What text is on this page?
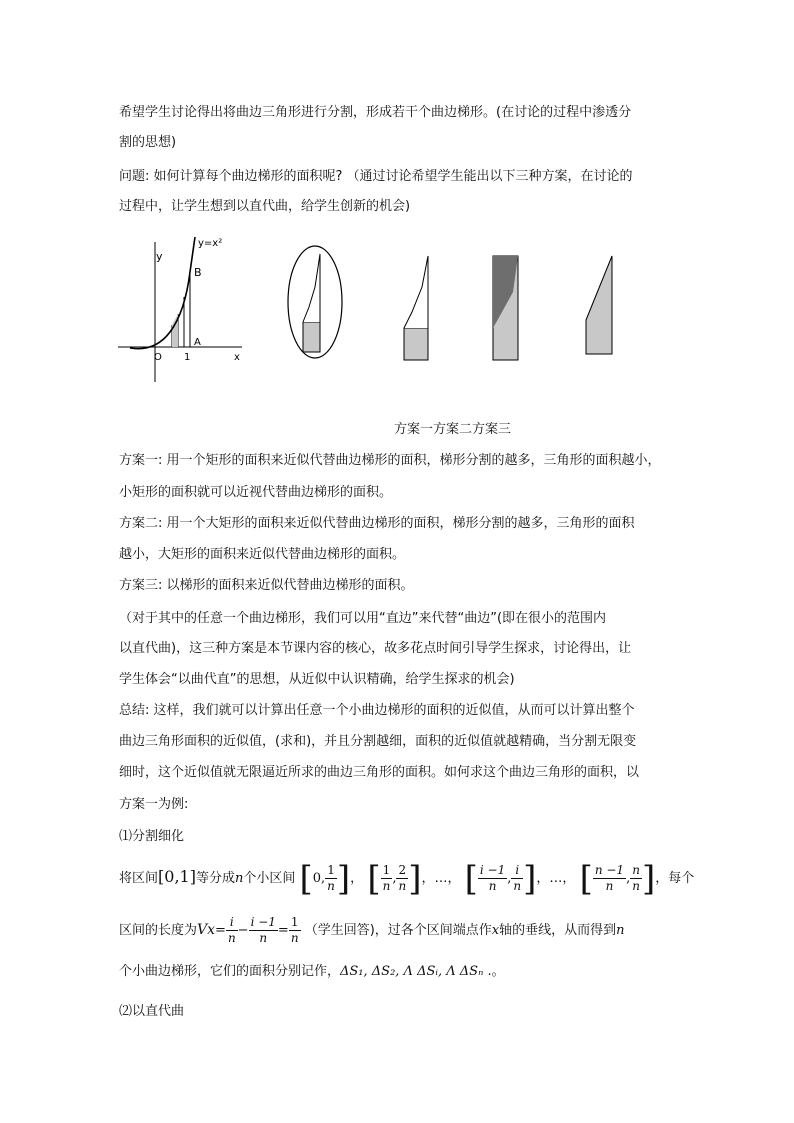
希望学生讨论得出将曲边三角形进行分割，形成若干个曲边梯形。(在讨论的过程中渗透分
割的思想)
问题: 如何计算每个曲边梯形的面积呢? （通过讨论希望学生能出以下三种方案，在讨论的
过程中，让学生想到以直代曲，给学生创新的机会)
y
y=x²
B
A
O 1	x
方案一方案二方案三
方案一: 用一个矩形的面积来近似代替曲边梯形的面积，梯形分割的越多，三角形的面积越小，
小矩形的面积就可以近视代替曲边梯形的面积。
方案二: 用一个大矩形的面积来近似代替曲边梯形的面积，梯形分割的越多，三角形的面积
越小，大矩形的面积来近似代替曲边梯形的面积。
方案三: 以梯形的面积来近似代替曲边梯形的面积。
（对于其中的任意一个曲边梯形，我们可以用“直边”来代替“曲边”(即在很小的范围内
以直代曲)，这三种方案是本节课内容的核心，故多花点时间引导学生探求，讨论得出，让
学生体会“以曲代直”的思想，从近似中认识精确，给学生探求的机会)
总结: 这样，我们就可以计算出任意一个小曲边梯形的面积的近似值，从而可以计算出整个
曲边三角形面积的近似值，(求和)，并且分割越细，面积的近似值就越精确，当分割无限变
细时，这个近似值就无限逼近所求的曲边三角形的面积。如何求这个曲边三角形的面积，以
方案一为例:
⑴分割细化
将区间[0,1]等分成n个小区间 [0, $\frac{1}{n}$ ]， [ $\frac{1}{n}$ , $\frac{2}{n}$ ]，…， [ $\frac{i -1}{n}$ , $\frac{i}{n}$ ]，…， [ $\frac{n -1}{n}$ , $\frac{n}{n}$ ]，每个
区间的长度为$Vx= \frac{i}{n} - \frac{i -1}{n} = \frac{1}{n}$ （学生回答)，过各个区间端点作x轴的垂线，从而得到n
个小曲边梯形，它们的面积分别记作，ΔS₁, ΔS₂, Λ ΔSᵢ, Λ ΔSₙ .。
⑵以直代曲
